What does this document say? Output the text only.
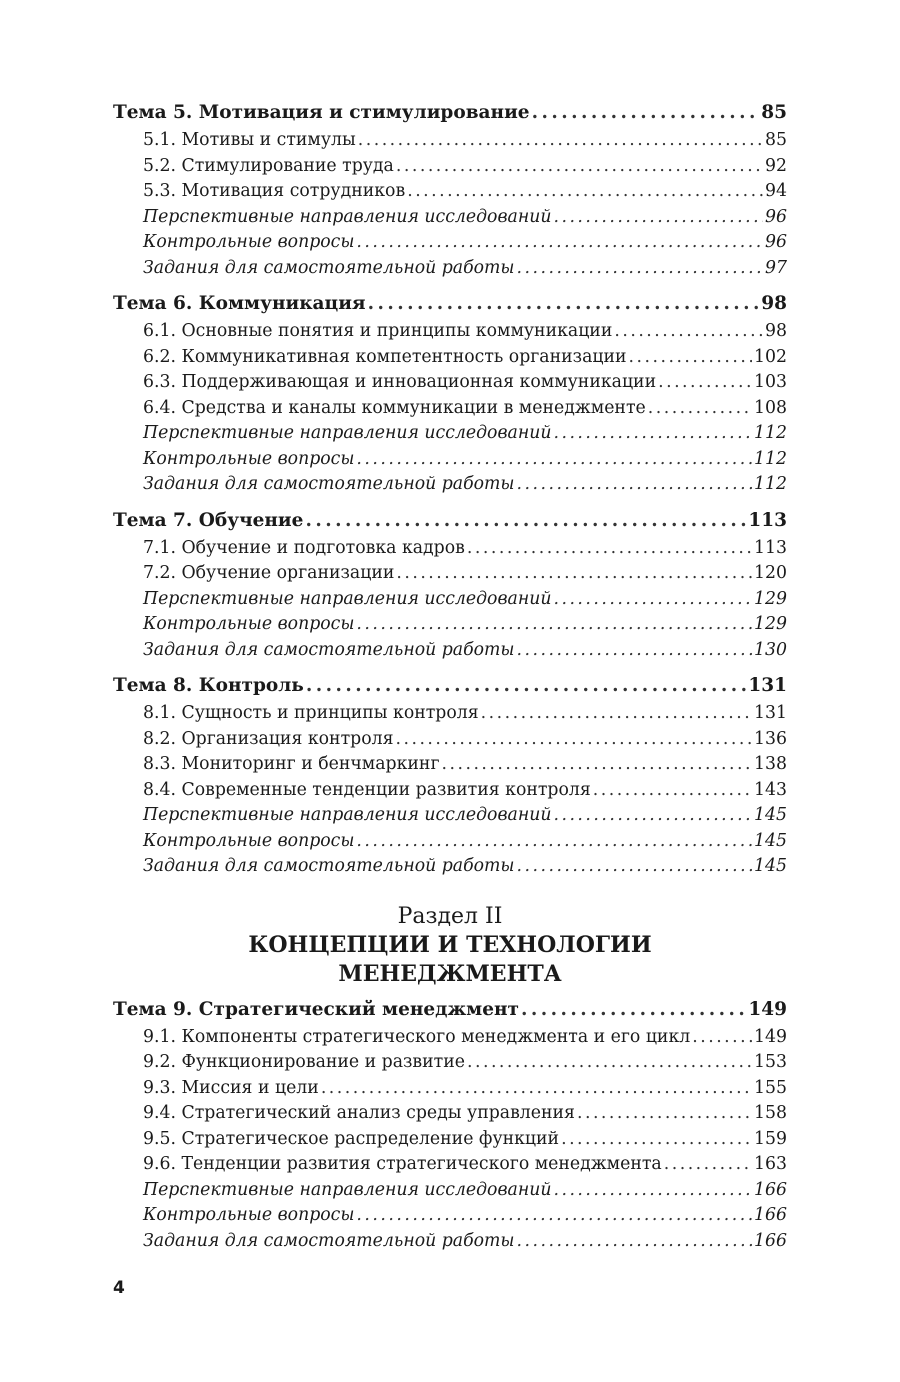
Тема 5. Мотивация и стимулирование . . .	85
5.1. Мотивы и стимулы . . .	85
5.2. Стимулирование труда . . .	92
5.3. Мотивация сотрудников . . .	94
Перспективные направления исследований . . .	96
Контрольные вопросы . . .	96
Задания для самостоятельной работы . . .	97
Тема 6. Коммуникация . . .	98
6.1. Основные понятия и принципы коммуникации . . .	98
6.2. Коммуникативная компетентность организации . . .	102
6.3. Поддерживающая и инновационная коммуникации . . .	103
6.4. Средства и каналы коммуникации в менеджменте . . .	108
Перспективные направления исследований . . .	112
Контрольные вопросы . . .	112
Задания для самостоятельной работы . . .	112
Тема 7. Обучение . . .	113
7.1. Обучение и подготовка кадров . . .	113
7.2. Обучение организации . . .	120
Перспективные направления исследований . . .	129
Контрольные вопросы . . .	129
Задания для самостоятельной работы . . .	130
Тема 8. Контроль . . .	131
8.1. Сущность и принципы контроля . . .	131
8.2. Организация контроля . . .	136
8.3. Мониторинг и бенчмаркинг . . .	138
8.4. Современные тенденции развития контроля . . .	143
Перспективные направления исследований . . .	145
Контрольные вопросы . . .	145
Задания для самостоятельной работы . . .	145
Раздел II
КОНЦЕПЦИИ И ТЕХНОЛОГИИ
МЕНЕДЖМЕНТА
Тема 9. Стратегический менеджмент . . .	149
9.1. Компоненты стратегического менеджмента и его цикл . . .	149
9.2. Функционирование и развитие . . .	153
9.3. Миссия и цели . . .	155
9.4. Стратегический анализ среды управления . . .	158
9.5. Стратегическое распределение функций . . .	159
9.6. Тенденции развития стратегического менеджмента . . .	163
Перспективные направления исследований . . .	166
Контрольные вопросы . . .	166
Задания для самостоятельной работы . . .	166
4
